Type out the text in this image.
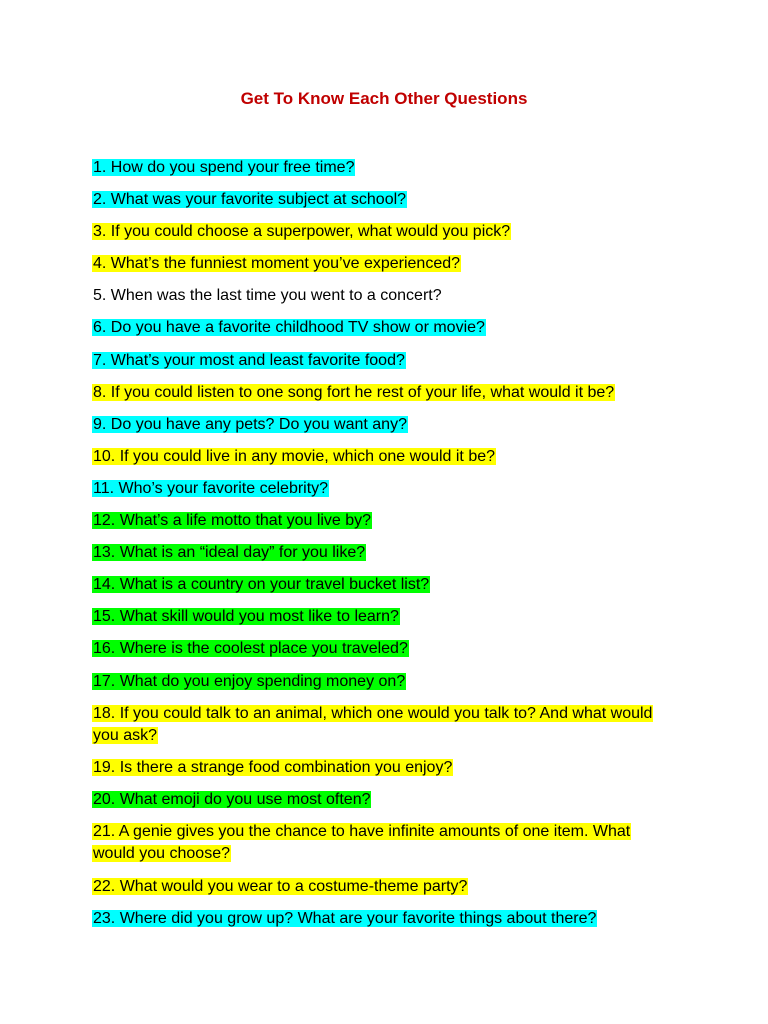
Get To Know Each Other Questions
1. How do you spend your free time?
2. What was your favorite subject at school?
3. If you could choose a superpower, what would you pick?
4. What’s the funniest moment you’ve experienced?
5. When was the last time you went to a concert?
6. Do you have a favorite childhood TV show or movie?
7. What’s your most and least favorite food?
8. If you could listen to one song fort he rest of your life, what would it be?
9. Do you have any pets? Do you want any?
10. If you could live in any movie, which one would it be?
11. Who’s your favorite celebrity?
12. What’s a life motto that you live by?
13. What is an “ideal day” for you like?
14. What is a country on your travel bucket list?
15. What skill would you most like to learn?
16. Where is the coolest place you traveled?
17. What do you enjoy spending money on?
18. If you could talk to an animal, which one would you talk to? And what would you ask?
19. Is there a strange food combination you enjoy?
20. What emoji do you use most often?
21. A genie gives you the chance to have infinite amounts of one item. What would you choose?
22. What would you wear to a costume-theme party?
23. Where did you grow up? What are your favorite things about there?
